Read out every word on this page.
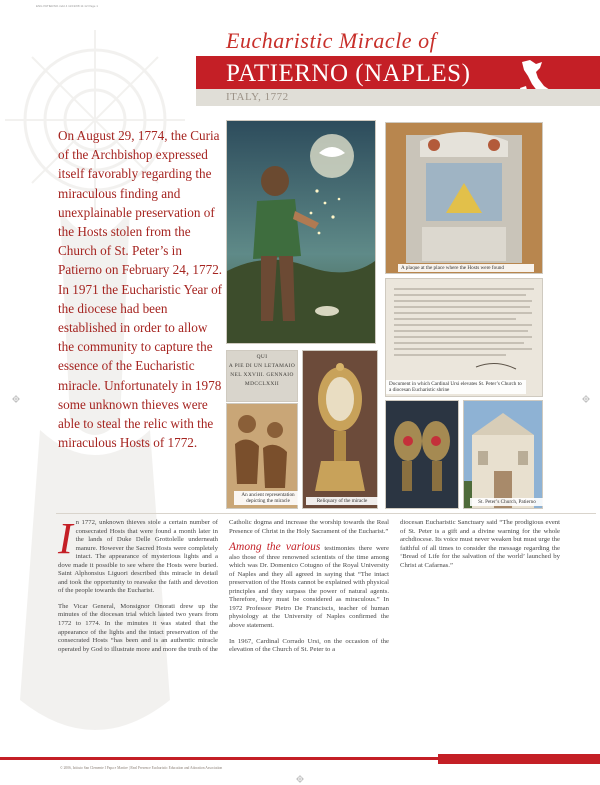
ENG PATIERNO.indd 4 11/19/08 11:12 Page 1
Eucharistic Miracle of
PATIERNO (NAPLES)
ITALY, 1772

On August 29, 1774, the Curia of the Archbishop expressed itself favorably regarding the miraculous finding and unexplainable preservation of the Hosts stolen from the Church of St. Peter’s in Patierno on February 24, 1772.

In 1971 the Eucharistic Year of the diocese had been established in order to allow the community to capture the essence of the Eucharistic miracle. Unfortunately in 1978 some unknown thieves were able to steal the relic with the miraculous Hosts of 1772.

A plaque at the place where the Hosts were found
Document in which Cardinal Ursi elevates St. Peter’s Church to a diocesan Eucharistic shrine
QUI
A PIE DI UN LETAMAIO
NEL XXVIII. GENNAIO
MDCCLXXII
An ancient representation depicting the miracle	Reliquary of the miracle	St. Peter’s Church, Patierno

In 1772, unknown thieves stole a certain number of consecrated Hosts that were found a month later in the lands of Duke Delle Grottolelle underneath manure. However the Sacred Hosts were completely intact. The appearance of mysterious lights and a dove made it possible to see where the Hosts were buried. Saint Alphonsius Liguori described this miracle in detail and took the opportunity to reawake the faith and devotion of the people towards the Eucharist.

The Vicar General, Monsignor Onorati drew up the minutes of the diocesan trial which lasted two years from 1772 to 1774. In the minutes it was stated that the appearance of the lights and the intact preservation of the consecrated Hosts “has been and is an authentic miracle operated by God to illustrate more and more the truth of the

Catholic dogma and increase the worship towards the Real Presence of Christ in the Holy Sacrament of the Eucharist.”

Among the various testimonies there were also those of three renowned scientists of the time among which was Dr. Domenico Cotugno of the Royal University of Naples and they all agreed in saying that “The intact preservation of the Hosts cannot be explained with physical principles and they surpass the power of natural agents. Therefore, they must be considered as miraculous.” In 1972 Professor Pietro De Franciscis, teacher of human physiology at the University of Naples confirmed the above statement.

In 1967, Cardinal Corrado Ursi, on the occasion of the elevation of the Church of St. Peter to a

diocesan Eucharistic Sanctuary said “The prodigious event of St. Peter is a gift and a divine warning for the whole archdiocese. Its voice must never weaken but must urge the faithful of all times to consider the message regarding the ‘Bread of Life for the salvation of the world’ launched by Christ at Cafarnas.”

© 2006, Istituto San Clemente I Papa e Martire | Real Presence Eucharistic Education and Adoration Association
